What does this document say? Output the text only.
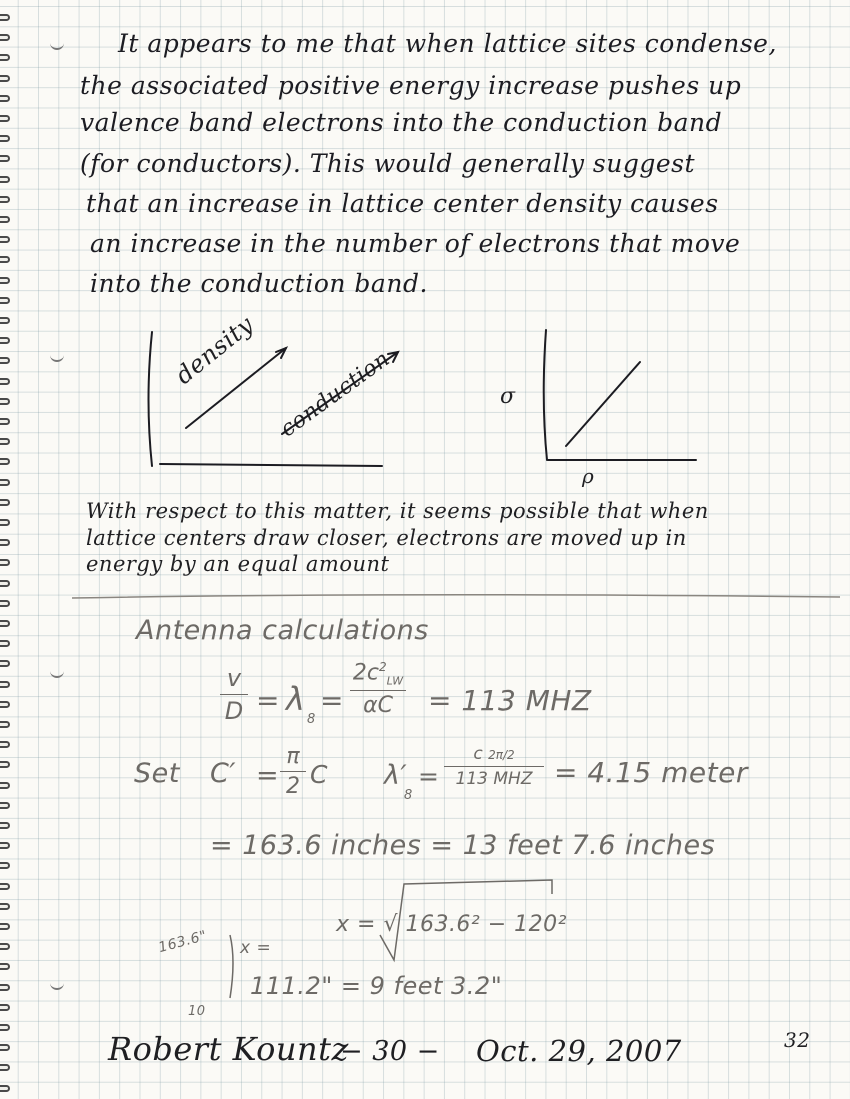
It appears to me that when lattice sites condense,

the associated positive energy increase pushes up

valence band electrons into the conduction band

(for conductors). This would generally suggest

that an increase in lattice center density causes

an increase in the number of electrons that move

into the conduction band.

density conduction	σ
ρ

With respect to this matter, it seems possible that when

lattice centers draw closer, electrons are moved up in

energy by an equal amount

Antenna calculations

v
D = λ
8
=
$2c^2_{LW}$
αC	= 113 MHZ
Set C′ =
π
2 C λ′
8
=
c 2π/2
113 MHZ = 4.15 meter
= 163.6 inches = 13 feet 7.6 inches
163.6"
10
x =
x = √ 163.6² − 120²
111.2" = 9 feet 3.2"
Robert Kountz
− 30 − Oct. 29, 2007	32
